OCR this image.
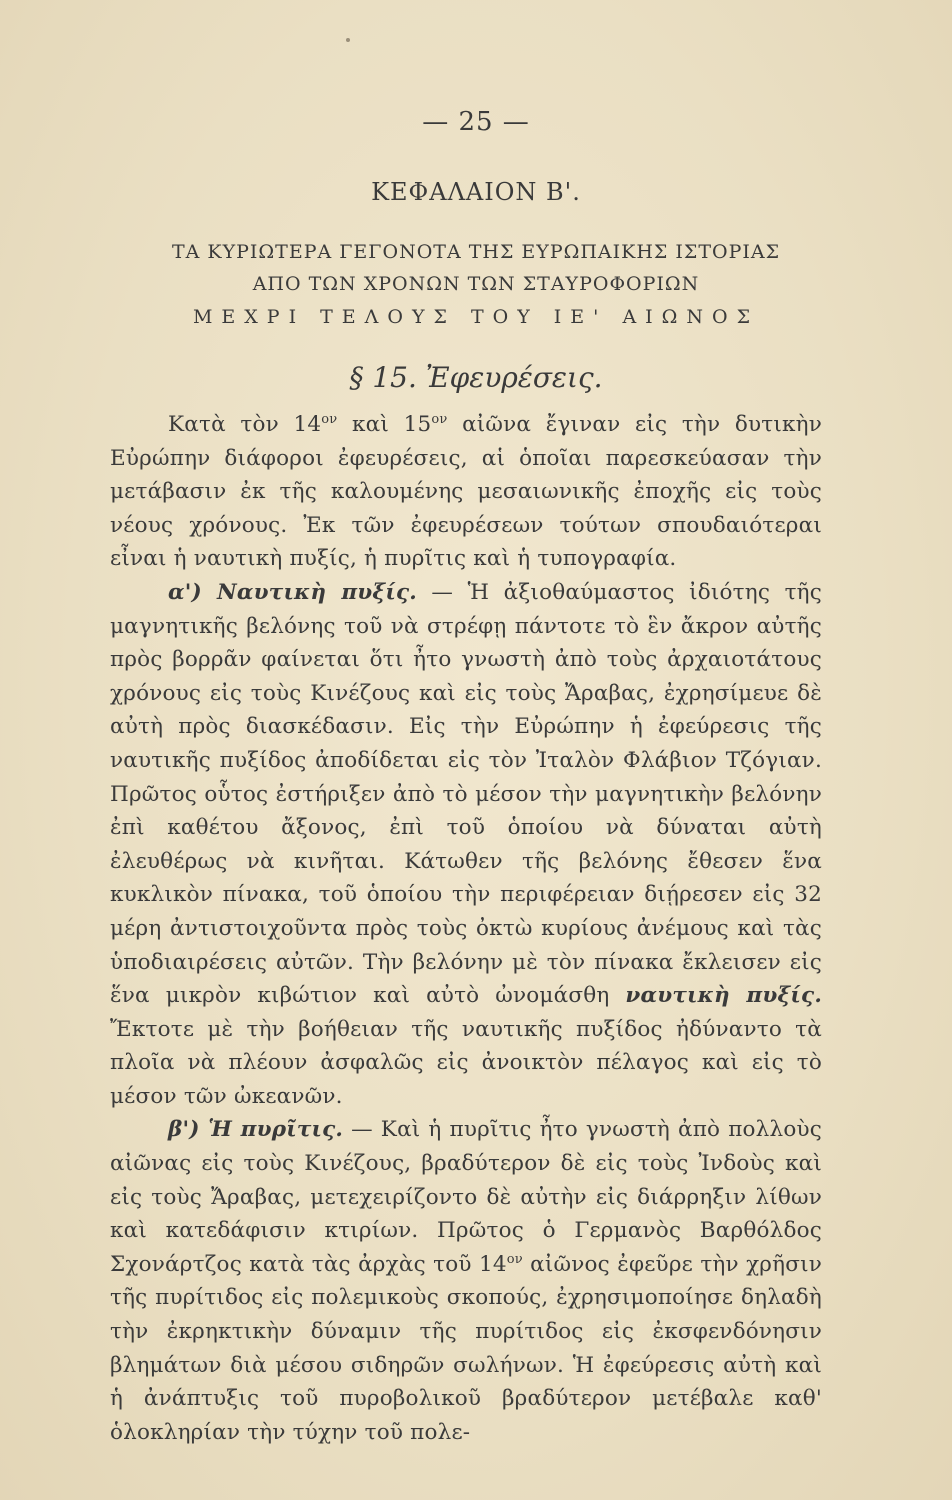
— 25 —
ΚΕΦΑΛΑΙΟΝ Β'.
ΤΑ ΚΥΡΙΩΤΕΡΑ ΓΕΓΟΝΟΤΑ ΤΗΣ ΕΥΡΩΠΑΙΚΗΣ ΙΣΤΟΡΙΑΣ
ΑΠΟ ΤΩΝ ΧΡΟΝΩΝ ΤΩΝ ΣΤΑΥΡΟΦΟΡΙΩΝ
ΜΕΧΡΙ ΤΕΛΟΥΣ ΤΟΥ ΙΕ' ΑΙΩΝΟΣ
§ 15. Ἐφευρέσεις.

Κατὰ τὸν $14^{o\nu}$ καὶ $15^{o\nu}$ αἰῶνα ἔγιναν εἰς τὴν δυτικὴν Εὐρώπην διάφοροι ἐφευρέσεις, αἱ ὁποῖαι παρεσκεύασαν τὴν μετάβασιν ἐκ τῆς καλουμένης μεσαιωνικῆς ἐποχῆς εἰς τοὺς νέους χρόνους. Ἐκ τῶν ἐφευρέσεων τούτων σπουδαιότεραι εἶναι ἡ ναυτικὴ πυξίς, ἡ πυρῖτις καὶ ἡ τυπογραφία.

α') Ναυτικὴ πυξίς. — Ἡ ἀξιοθαύμαστος ἰδιότης τῆς μαγνητικῆς βελόνης τοῦ νὰ στρέφῃ πάντοτε τὸ ἓν ἄκρον αὐτῆς πρὸς βορρᾶν φαίνεται ὅτι ἦτο γνωστὴ ἀπὸ τοὺς ἀρχαιοτάτους χρόνους εἰς τοὺς Κινέζους καὶ εἰς τοὺς Ἄραβας, ἐχρησίμευε δὲ αὐτὴ πρὸς διασκέδασιν. Εἰς τὴν Εὐρώπην ἡ ἐφεύρεσις τῆς ναυτικῆς πυξίδος ἀποδίδεται εἰς τὸν Ἰταλὸν Φλάβιον Τζόγιαν. Πρῶτος οὗτος ἐστήριξεν ἀπὸ τὸ μέσον τὴν μαγνητικὴν βελόνην ἐπὶ καθέτου ἄξονος, ἐπὶ τοῦ ὁποίου νὰ δύναται αὐτὴ ἐλευθέρως νὰ κινῆται. Κάτωθεν τῆς βελόνης ἔθεσεν ἕνα κυκλικὸν πίνακα, τοῦ ὁποίου τὴν περιφέρειαν διῄρεσεν εἰς 32 μέρη ἀντιστοιχοῦντα πρὸς τοὺς ὀκτὼ κυρίους ἀνέμους καὶ τὰς ὑποδιαιρέσεις αὐτῶν. Τὴν βελόνην μὲ τὸν πίνακα ἔκλεισεν εἰς ἕνα μικρὸν κιβώτιον καὶ αὐτὸ ὠνομάσθη ναυτικὴ πυξίς. Ἔκτοτε μὲ τὴν βοήθειαν τῆς ναυτικῆς πυξίδος ἠδύναντο τὰ πλοῖα νὰ πλέουν ἀσφαλῶς εἰς ἀνοικτὸν πέλαγος καὶ εἰς τὸ μέσον τῶν ὠκεανῶν.

β') Ἡ πυρῖτις. — Καὶ ἡ πυρῖτις ἦτο γνωστὴ ἀπὸ πολλοὺς αἰῶνας εἰς τοὺς Κινέζους, βραδύτερον δὲ εἰς τοὺς Ἰνδοὺς καὶ εἰς τοὺς Ἄραβας, μετεχειρίζοντο δὲ αὐτὴν εἰς διάρρηξιν λίθων καὶ κατεδάφισιν κτιρίων. Πρῶτος ὁ Γερμανὸς Βαρθόλδος Σχονάρτζος κατὰ τὰς ἀρχὰς τοῦ $14^{o\nu}$ αἰῶνος ἐφεῦρε τὴν χρῆσιν τῆς πυρίτιδος εἰς πολεμικοὺς σκοπούς, ἐχρησιμοποίησε δηλαδὴ τὴν ἐκρηκτικὴν δύναμιν τῆς πυρίτιδος εἰς ἐκσφενδόνησιν βλημάτων διὰ μέσου σιδηρῶν σωλήνων. Ἡ ἐφεύρεσις αὐτὴ καὶ ἡ ἀνάπτυξις τοῦ πυροβολικοῦ βραδύτερον μετέβαλε καθ' ὁλοκληρίαν τὴν τύχην τοῦ πολε-
